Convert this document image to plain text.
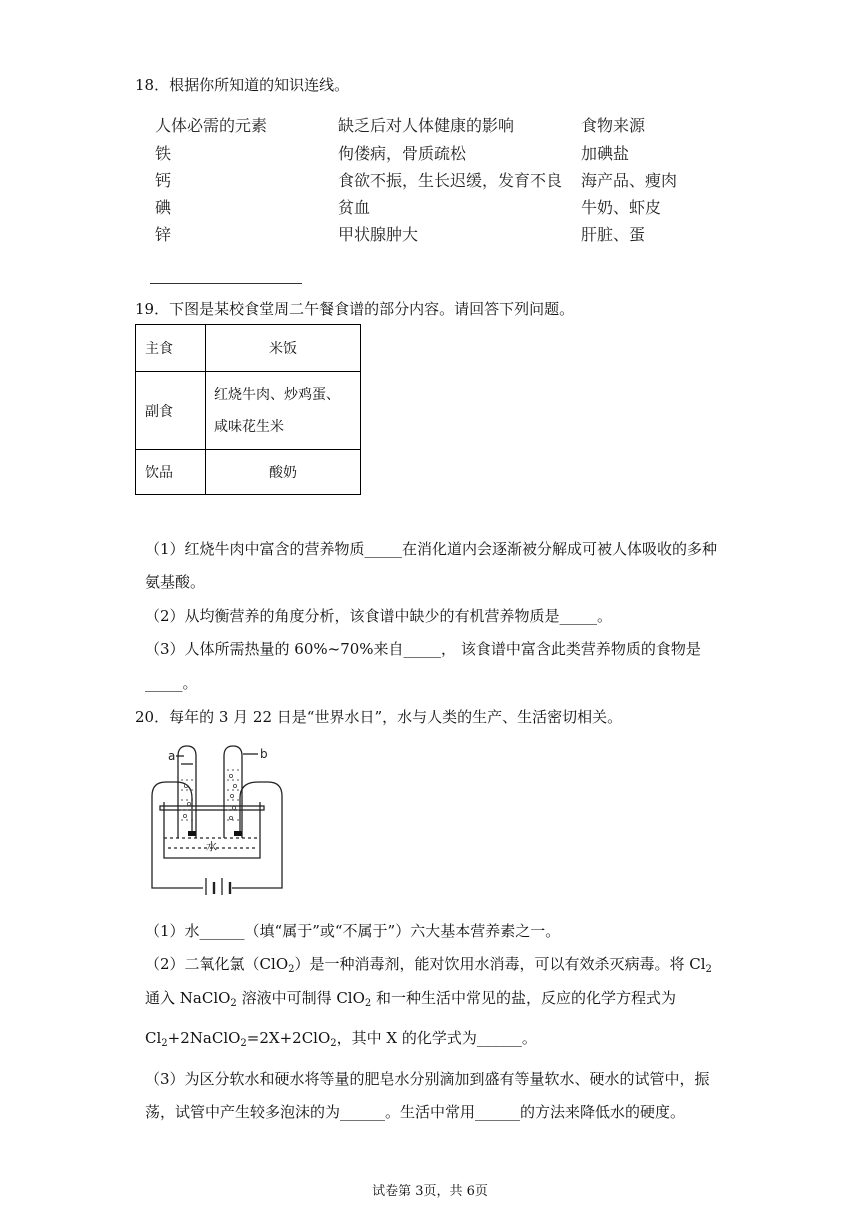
18．根据你所知道的知识连线。
人体必需的元素	缺乏后对人体健康的影响	食物来源
铁	佝偻病，骨质疏松	加碘盐
钙	食欲不振，生长迟缓，发育不良 海产品、瘦肉
碘	贫血	牛奶、虾皮
锌	甲状腺肿大	肝脏、蛋
19．下图是某校食堂周二午餐食谱的部分内容。请回答下列问题。
主食	米饭
副食	红烧牛肉、炒鸡蛋、
咸味花生米

饮品	酸奶
（1）红烧牛肉中富含的营养物质_____在消化道内会逐渐被分解成可被人体吸收的多种
氨基酸。
（2）从均衡营养的角度分析，该食谱中缺少的有机营养物质是_____。
（3）人体所需热量的 60%~70%来自_____， 该食谱中富含此类营养物质的食物是
_____。
20．每年的 3 月 22 日是“世界水日”，水与人类的生产、生活密切相关。
a	b
水
（1）水______（填“属于”或“不属于”）六大基本营养素之一。
（2）二氧化氯（ClO$_2$）是一种消毒剂，能对饮用水消毒，可以有效杀灭病毒。将 $Cl_2$
通入 NaClO$_2$ 溶液中可制得 ClO$_2$ 和一种生活中常见的盐，反应的化学方程式为
$Cl_2+2NaClO_2=2X+2ClO_2$，其中 X 的化学式为______。
（3）为区分软水和硬水将等量的肥皂水分别滴加到盛有等量软水、硬水的试管中，振
荡，试管中产生较多泡沫的为______。生活中常用______的方法来降低水的硬度。
试卷第 3页，共 6页
